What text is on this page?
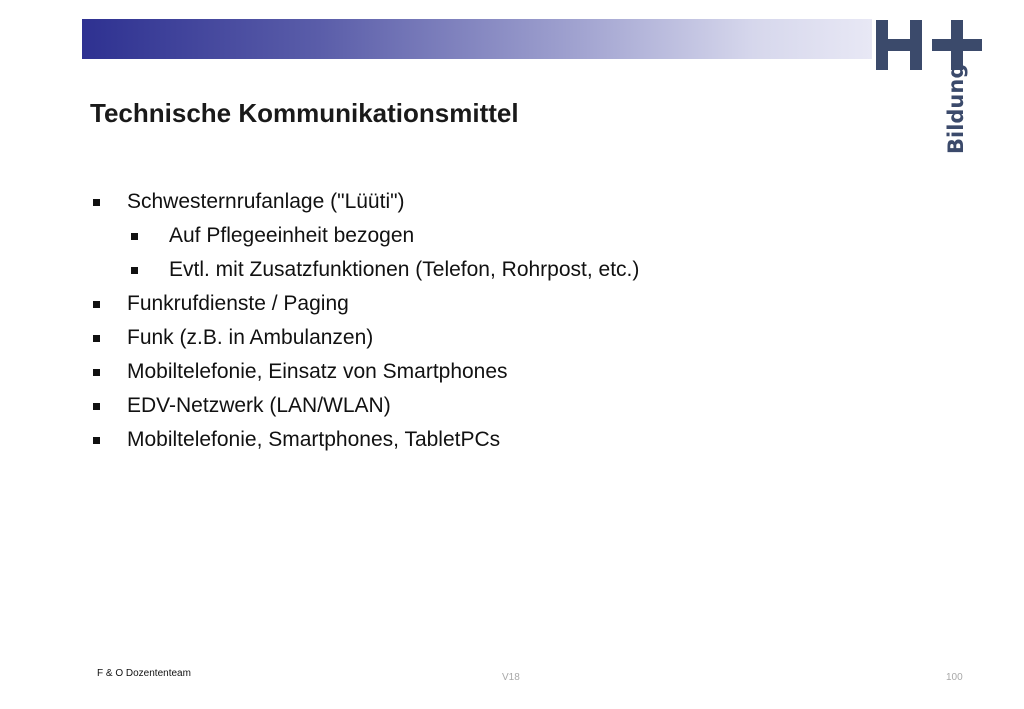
Bildung
Technische Kommunikationsmittel
Schwesternrufanlage ("Lüüti")
Auf Pflegeeinheit bezogen
Evtl. mit Zusatzfunktionen (Telefon, Rohrpost, etc.)
Funkrufdienste / Paging
Funk (z.B. in Ambulanzen)
Mobiltelefonie, Einsatz von Smartphones
EDV-Netzwerk (LAN/WLAN)
Mobiltelefonie, Smartphones, TabletPCs
F & O Dozententeam	V18	100
